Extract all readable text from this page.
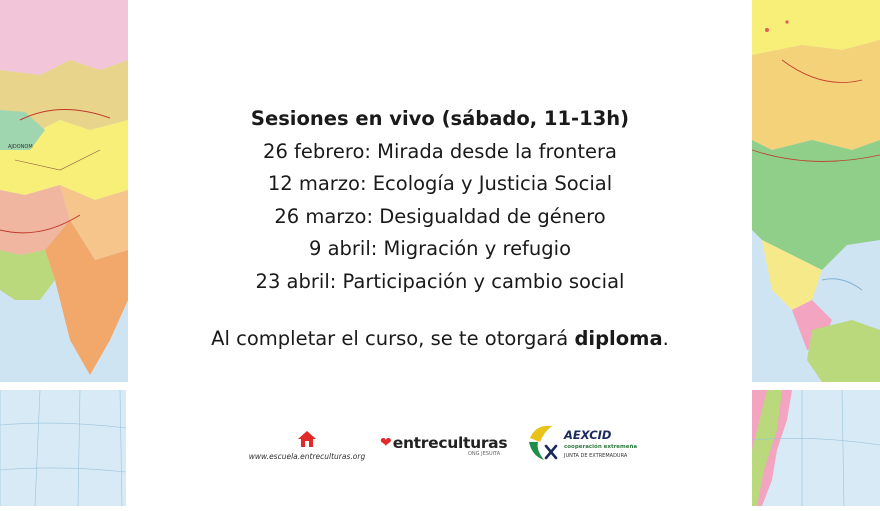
AJDONOM
Sesiones en vivo (sábado, 11-13h)
26 febrero: Mirada desde la frontera
12 marzo: Ecología y Justicia Social
26 marzo: Desigualdad de género
9 abril: Migración y refugio
23 abril: Participación y cambio social
Al completar el curso, se te otorgará diploma.
www.escuela.entreculturas.org
❤ entreculturas
ONG JESUITA
AEXCID
cooperación extremeña
JUNTA DE EXTREMADURA
